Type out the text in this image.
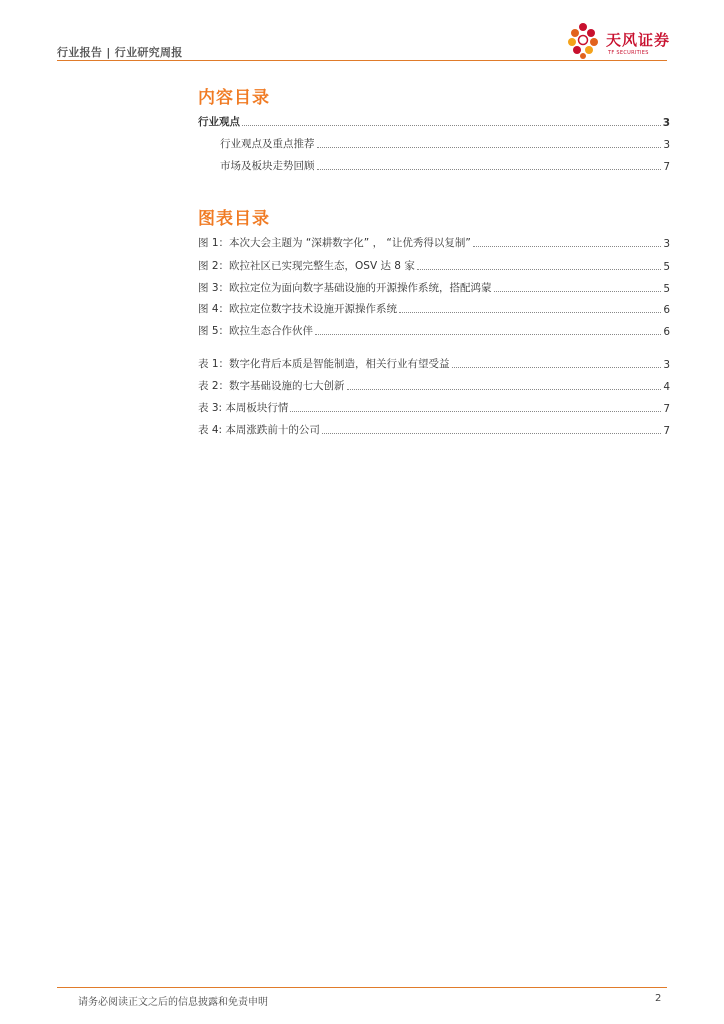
行业报告 | 行业研究周报
天风证券
TF SECURITIES
内容目录
行业观点	3
行业观点及重点推荐	3
市场及板块走势回顾	7
图表目录
图 1：本次大会主题为 “深耕数字化” ， “让优秀得以复制”	3
图 2：欧拉社区已实现完整生态，OSV 达 8 家	5
图 3：欧拉定位为面向数字基础设施的开源操作系统，搭配鸿蒙	5
图 4：欧拉定位数字技术设施开源操作系统	6
图 5：欧拉生态合作伙伴	6
表 1：数字化背后本质是智能制造，相关行业有望受益	3
表 2：数字基础设施的七大创新	4
表 3: 本周板块行情	7
表 4: 本周涨跌前十的公司	7
请务必阅读正文之后的信息披露和免责申明	2
